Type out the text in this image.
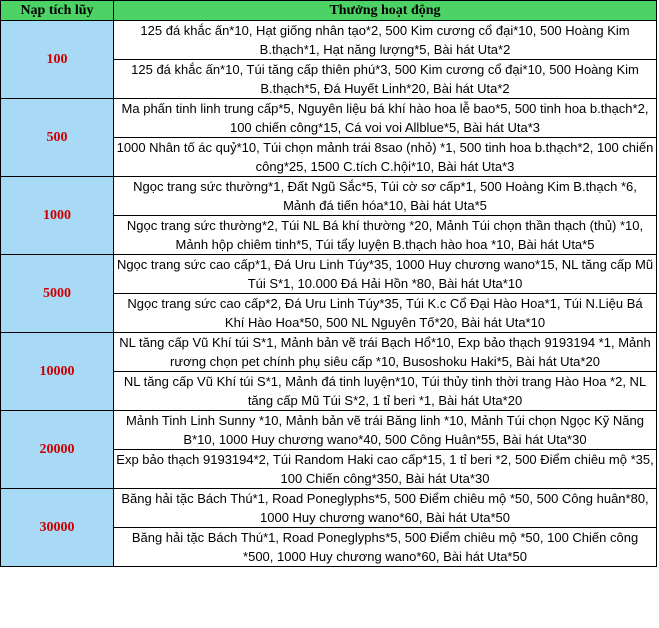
Nạp tích lũy	Thưởng hoạt động
100	125 đá khắc ấn*10, Hạt giống nhân tạo*2, 500 Kim cương cổ đại*10, 500 Hoàng Kim B.thạch*1, Hạt năng lượng*5, Bài hát Uta*2
	125 đá khắc ấn*10, Túi tăng cấp thiên phú*3, 500 Kim cương cổ đại*10, 500 Hoàng Kim B.thạch*5, Đá Huyết Linh*20, Bài hát Uta*2
500	Ma phấn tinh linh trung cấp*5, Nguyên liệu bá khí hào hoa lễ bao*5, 500 tinh hoa b.thạch*2, 100 chiến công*15, Cá voi voi Allblue*5, Bài hát Uta*3
	1000 Nhân tố ác quỷ*10, Túi chọn mảnh trái 8sao (nhỏ) *1, 500 tinh hoa b.thạch*2, 100 chiến công*25, 1500 C.tích C.hội*10, Bài hát Uta*3
1000	Ngọc trang sức thường*1, Đất Ngũ Sắc*5, Túi cờ sơ cấp*1, 500 Hoàng Kim B.thạch *6, Mảnh đá tiến hóa*10, Bài hát Uta*5
	Ngọc trang sức thường*2, Túi NL Bá khí thường *20, Mảnh Túi chọn thần thạch (thủ) *10, Mảnh hộp chiêm tinh*5, Túi tẩy luyện B.thạch hào hoa *10, Bài hát Uta*5
5000	Ngọc trang sức cao cấp*1, Đá Uru Linh Túy*35, 1000 Huy chương wano*15, NL tăng cấp Mũ Túi S*1, 10.000 Đá Hải Hồn *80, Bài hát Uta*10
	Ngọc trang sức cao cấp*2, Đá Uru Linh Túy*35, Túi K.c Cổ Đại Hào Hoa*1, Túi N.Liệu Bá Khí Hào Hoa*50, 500 NL Nguyên Tố*20, Bài hát Uta*10
10000	NL tăng cấp Vũ Khí túi S*1, Mảnh bản vẽ trái Bạch Hổ*10, Exp bảo thạch 9193194 *1, Mảnh rương chọn pet chính phụ siêu cấp *10, Busoshoku Haki*5, Bài hát Uta*20
	NL tăng cấp Vũ Khí túi S*1, Mảnh đá tinh luyện*10, Túi thủy tinh thời trang Hào Hoa *2, NL tăng cấp Mũ Túi S*2, 1 tỉ beri *1, Bài hát Uta*20
20000	Mảnh Tinh Linh Sunny *10, Mảnh bản vẽ trái Băng linh *10, Mảnh Túi chọn Ngọc Kỹ Năng B*10, 1000 Huy chương wano*40, 500 Công Huân*55, Bài hát Uta*30
	Exp bảo thạch 9193194*2, Túi Random Haki cao cấp*15, 1 tỉ beri *2, 500 Điểm chiêu mộ *35, 100 Chiến công*350, Bài hát Uta*30
30000	Băng hải tặc Bách Thú*1, Road Poneglyphs*5, 500 Điểm chiêu mộ *50, 500 Công huân*80, 1000 Huy chương wano*60, Bài hát Uta*50
	Băng hải tặc Bách Thú*1, Road Poneglyphs*5, 500 Điểm chiêu mộ *50, 100 Chiến công *500, 1000 Huy chương wano*60, Bài hát Uta*50
